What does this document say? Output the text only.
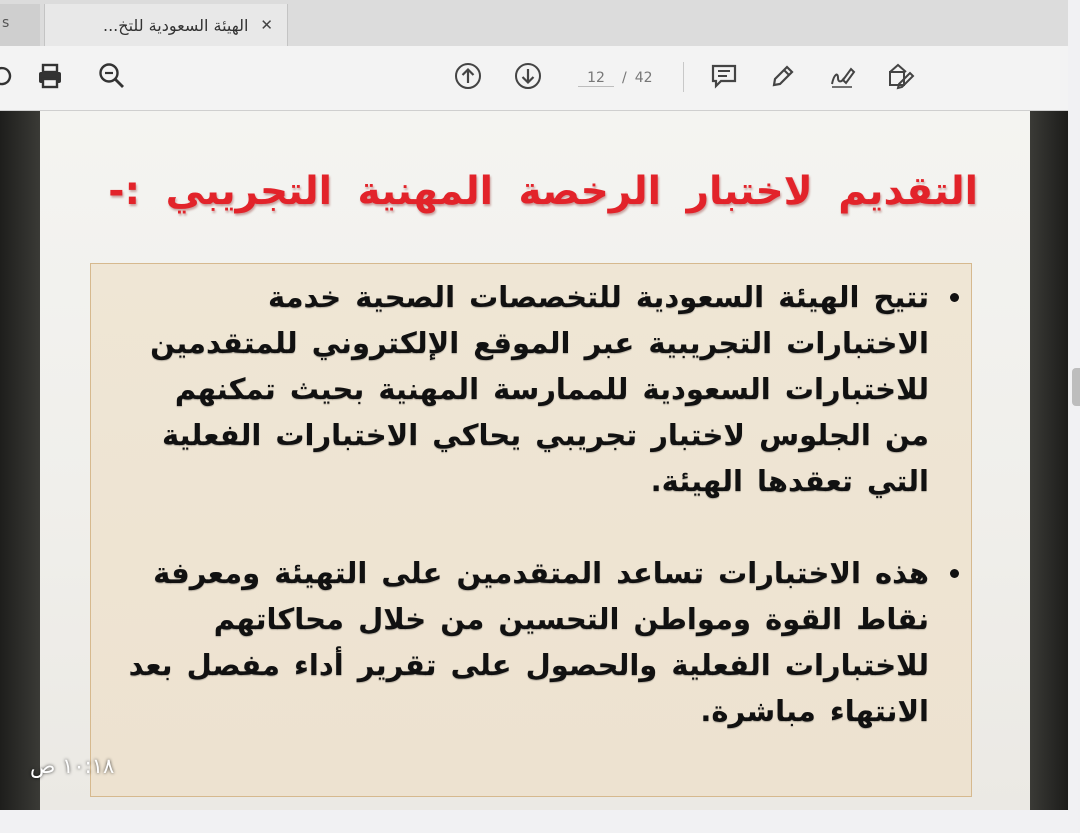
s	الهيئة السعودية للتخ... ✕
12
/ 42
التقديم لاختبار الرخصة المهنية التجريبي :-
تتيح الهيئة السعودية للتخصصات الصحية خدمة الاختبارات التجريبية عبر الموقع الإلكتروني للمتقدمين للاختبارات السعودية للممارسة المهنية بحيث تمكنهم من الجلوس لاختبار تجريبي يحاكي الاختبارات الفعلية التي تعقدها الهيئة.
هذه الاختبارات تساعد المتقدمين على التهيئة ومعرفة نقاط القوة ومواطن التحسين من خلال محاكاتهم للاختبارات الفعلية والحصول على تقرير أداء مفصل بعد الانتهاء مباشرة.
١٠:١٨ ص
